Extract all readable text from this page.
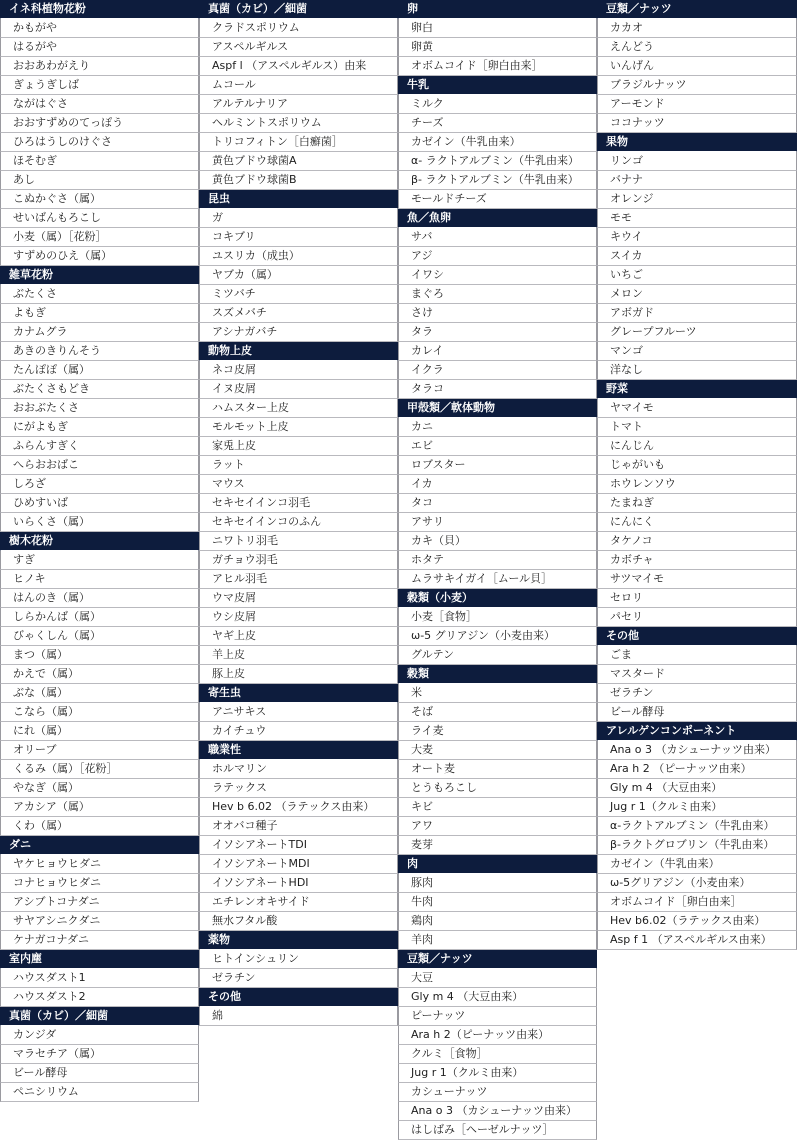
イネ科植物花粉
かもがや
はるがや
おおあわがえり
ぎょうぎしば
ながはぐさ
おおすずめのてっぽう
ひろはうしのけぐさ
ほそむぎ
あし
こぬかぐさ（属）
せいばんもろこし
小麦（属）［花粉］
すずめのひえ（属）
雑草花粉
ぶたくさ
よもぎ
カナムグラ
あきのきりんそう
たんぽぽ（属）
ぶたくさもどき
おおぶたくさ
にがよもぎ
ふらんすぎく
へらおおばこ
しろざ
ひめすいば
いらくさ（属）
樹木花粉
すぎ
ヒノキ
はんのき（属）
しらかんば（属）
びゃくしん（属）
まつ（属）
かえで（属）
ぶな（属）
こなら（属）
にれ（属）
オリーブ
くるみ（属）［花粉］
やなぎ（属）
アカシア（属）
くわ（属）
ダニ
ヤケヒョウヒダニ
コナヒョウヒダニ
アシブトコナダニ
サヤアシニクダニ
ケナガコナダニ
室内塵
ハウスダスト1
ハウスダスト2
真菌（カビ）／細菌
カンジダ
マラセチア（属）
ビール酵母
ペニシリウム
真菌（カビ）／細菌
クラドスポリウム
アスペルギルス
Aspf l （アスペルギルス）由来
ムコール
アルテルナリア
ヘルミントスポリウム
トリコフィトン［白癬菌］
黄色ブドウ球菌A
黄色ブドウ球菌B
昆虫
ガ
コキブリ
ユスリカ（成虫）
ヤブカ（属）
ミツバチ
スズメバチ
アシナガバチ
動物上皮
ネコ皮屑
イヌ皮屑
ハムスター上皮
モルモット上皮
家兎上皮
ラット
マウス
セキセイインコ羽毛
セキセイインコのふん
ニワトリ羽毛
ガチョウ羽毛
アヒル羽毛
ウマ皮屑
ウシ皮屑
ヤギ上皮
羊上皮
豚上皮
寄生虫
アニサキス
カイチュウ
職業性
ホルマリン
ラテックス
Hev b 6.02 （ラテックス由来）
オオバコ種子
イソシアネートTDI
イソシアネートMDI
イソシアネートHDI
エチレンオキサイド
無水フタル酸
薬物
ヒトインシュリン
ゼラチン
その他
綿
卵
卵白
卵黄
オボムコイド［卵白由来］
牛乳
ミルク
チーズ
カゼイン（牛乳由来）
α- ラクトアルブミン（牛乳由来）
β- ラクトアルブミン（牛乳由来）
モールドチーズ
魚／魚卵
サバ
アジ
イワシ
まぐろ
さけ
タラ
カレイ
イクラ
タラコ
甲殻類／軟体動物
カニ
エビ
ロブスター
イカ
タコ
アサリ
カキ（貝）
ホタテ
ムラサキイガイ［ムール貝］
穀類（小麦）
小麦［食物］
ω-5 グリアジン（小麦由来）
グルテン
穀類
米
そば
ライ麦
大麦
オート麦
とうもろこし
キビ
アワ
麦芽
肉
豚肉
牛肉
鶏肉
羊肉
豆類／ナッツ
大豆
Gly m 4 （大豆由来）
ピーナッツ
Ara h 2（ピーナッツ由来）
クルミ［食物］
Jug r 1（クルミ由来）
カシューナッツ
Ana o 3 （カシューナッツ由来）
はしばみ［ヘーゼルナッツ］
豆類／ナッツ
カカオ
えんどう
いんげん
ブラジルナッツ
アーモンド
ココナッツ
果物
リンゴ
バナナ
オレンジ
モモ
キウイ
スイカ
いちご
メロン
アボガド
グレープフルーツ
マンゴ
洋なし
野菜
ヤマイモ
トマト
にんじん
じゃがいも
ホウレンソウ
たまねぎ
にんにく
タケノコ
カボチャ
サツマイモ
セロリ
パセリ
その他
ごま
マスタード
ゼラチン
ビール酵母
アレルゲンコンポーネント
Ana o 3 （カシューナッツ由来）
Ara h 2 （ピーナッツ由来）
Gly m 4 （大豆由来）
Jug r 1（クルミ由来）
α-ラクトアルブミン（牛乳由来）
β-ラクトグロブリン（牛乳由来）
カゼイン（牛乳由来）
ω-5グリアジン（小麦由来）
オボムコイド［卵白由来］
Hev b6.02（ラテックス由来）
Asp f 1 （アスペルギルス由来）
